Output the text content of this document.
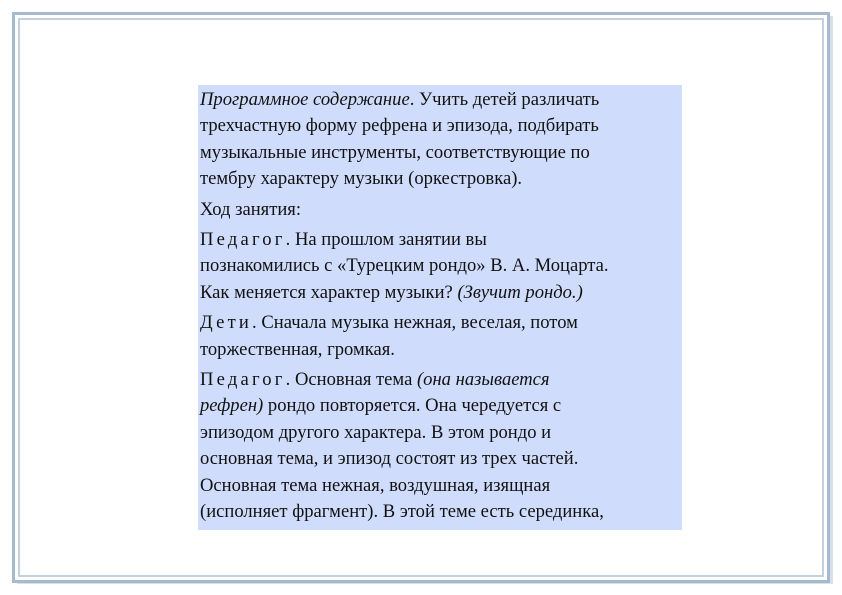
Программное содержание. Учить детей различать
трехчастную форму рефрена и эпизода, подбирать
музыкальные инструменты, соответствующие по
тембру характеру музыки (оркестровка).

Ход занятия:

Педагог. На прошлом занятии вы
познакомились с «Турецким рондо» В. А. Моцарта.
Как меняется характер музыки? (Звучит рондо.)

Дети. Сначала музыка нежная, веселая, потом
торжественная, громкая.

Педагог. Основная тема (она называется
рефрен) рондо повторяется. Она чередуется с
эпизодом другого характера. В этом рондо и
основная тема, и эпизод состоят из трех частей.
Основная тема нежная, воздушная, изящная
(исполняет фрагмент). В этой теме есть серединка,
